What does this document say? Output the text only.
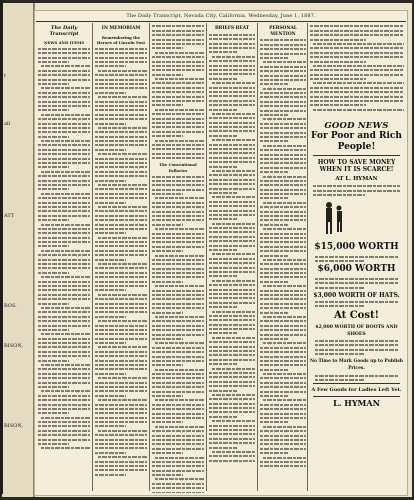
t
all
ATT
ROS.
RISON,
RISON,
The Daily Transcript, Nevada City, California, Wednesday, June 1, 1887.
The Daily Transcript
NEWS AND ITEMS
IN MEMORIAM
Remembering the Heroes of Lincoln Post
The Conventional Fallacies
BRIEFS BEAT	PERSONAL MENTION
GOOD NEWS
For Poor and Rich People!
HOW TO SAVE MONEY WHEN IT IS SCARCE!
AT L. HYMAN
$15,000 WORTH
$6,000 WORTH
$3,000 WORTH OF HATS.
At Cost!
$2,000 WORTH OF BOOTS AND SHOES
No Time to Mark Goods up to Publish Prices.
A Few Goods for Ladies Left Yet.
L. HYMAN
